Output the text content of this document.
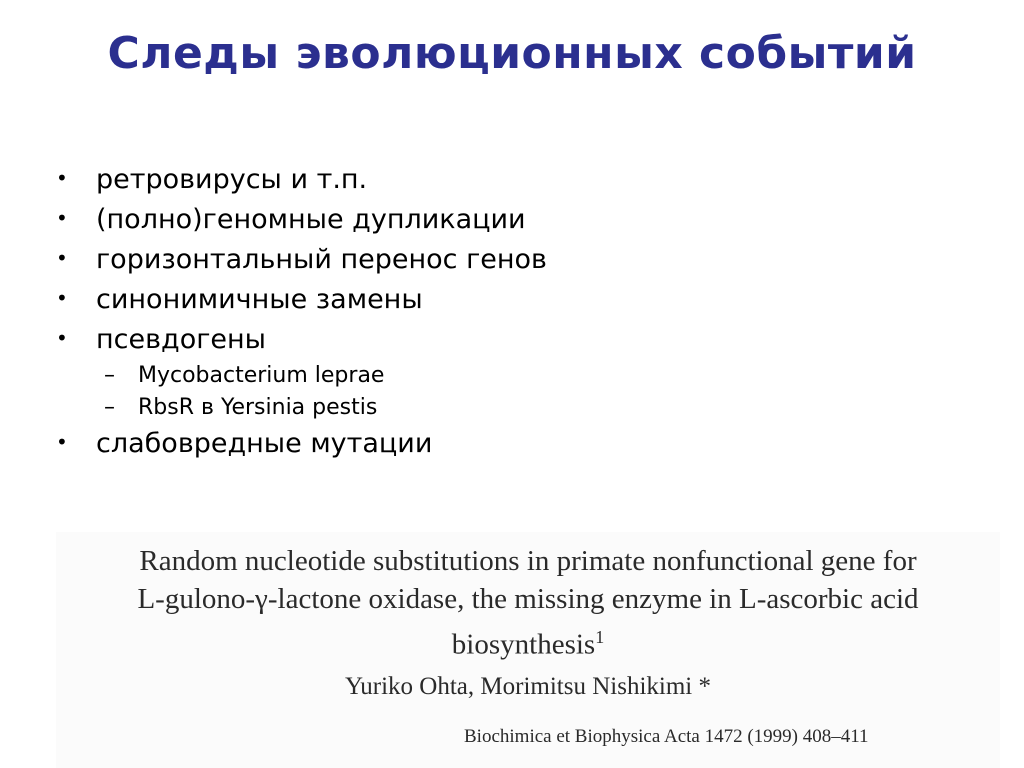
Следы эволюционных событий
• ретровирусы и т.п.
• (полно)геномные дупликации
• горизонтальный перенос генов
• синонимичные замены
• псевдогены
– Mycobacterium leprae
– RbsR в Yersinia pestis
• слабовредные мутации
Random nucleotide substitutions in primate nonfunctional gene for
L-gulono-γ-lactone oxidase, the missing enzyme in L-ascorbic acid
biosynthesis$^1$
Yuriko Ohta, Morimitsu Nishikimi *
Biochimica et Biophysica Acta 1472 (1999) 408–411
